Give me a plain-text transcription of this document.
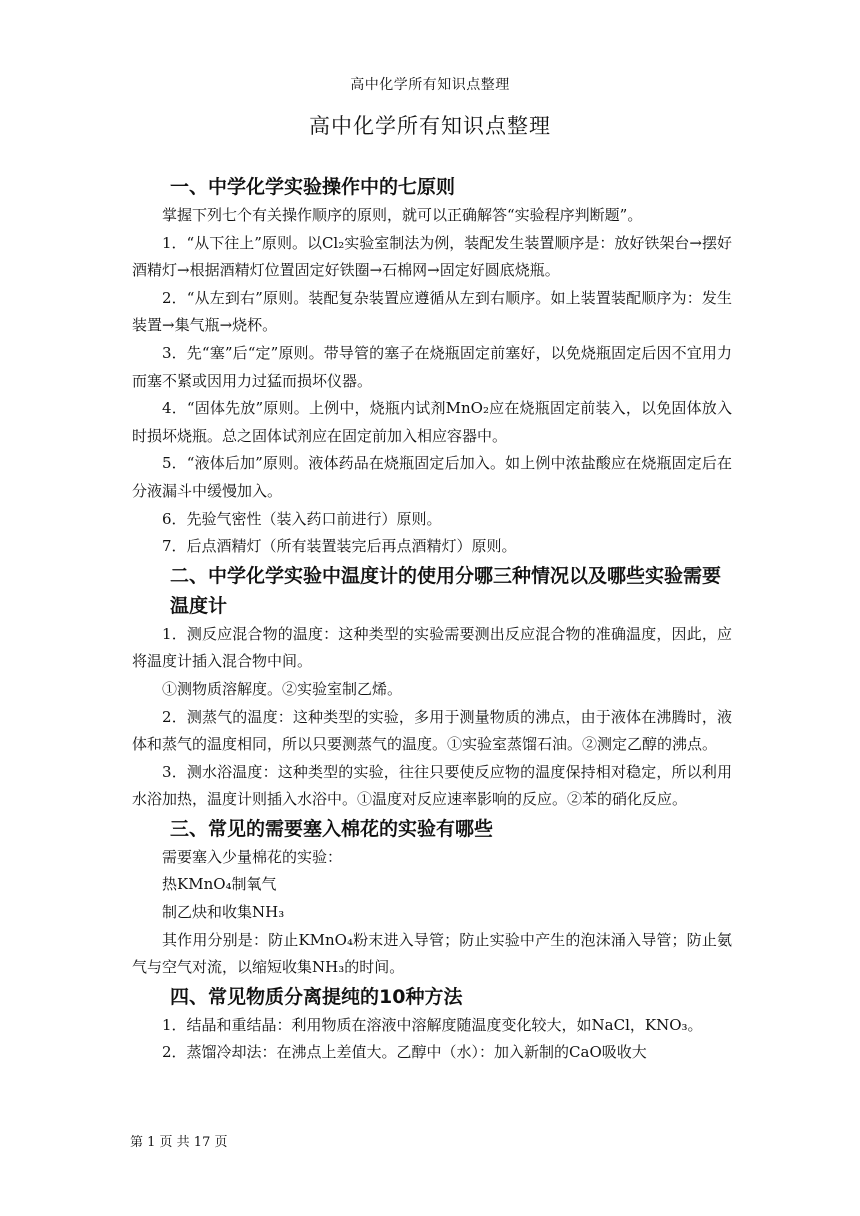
高中化学所有知识点整理
高中化学所有知识点整理

一、中学化学实验操作中的七原则

掌握下列七个有关操作顺序的原则，就可以正确解答“实验程序判断题”。

1．“从下往上”原则。以Cl₂实验室制法为例，装配发生装置顺序是：放好铁架台→摆好酒精灯→根据酒精灯位置固定好铁圈→石棉网→固定好圆底烧瓶。

2．“从左到右”原则。装配复杂装置应遵循从左到右顺序。如上装置装配顺序为：发生装置→集气瓶→烧杯。

3．先“塞”后“定”原则。带导管的塞子在烧瓶固定前塞好，以免烧瓶固定后因不宜用力而塞不紧或因用力过猛而损坏仪器。

4．“固体先放”原则。上例中，烧瓶内试剂MnO₂应在烧瓶固定前装入，以免固体放入时损坏烧瓶。总之固体试剂应在固定前加入相应容器中。

5．“液体后加”原则。液体药品在烧瓶固定后加入。如上例中浓盐酸应在烧瓶固定后在分液漏斗中缓慢加入。

6．先验气密性（装入药口前进行）原则。

7．后点酒精灯（所有装置装完后再点酒精灯）原则。

二、中学化学实验中温度计的使用分哪三种情况以及哪些实验需要温度计

1．测反应混合物的温度：这种类型的实验需要测出反应混合物的准确温度，因此，应将温度计插入混合物中间。

①测物质溶解度。②实验室制乙烯。

2．测蒸气的温度：这种类型的实验，多用于测量物质的沸点，由于液体在沸腾时，液体和蒸气的温度相同，所以只要测蒸气的温度。①实验室蒸馏石油。②测定乙醇的沸点。

3．测水浴温度：这种类型的实验，往往只要使反应物的温度保持相对稳定，所以利用水浴加热，温度计则插入水浴中。①温度对反应速率影响的反应。②苯的硝化反应。

三、常见的需要塞入棉花的实验有哪些

需要塞入少量棉花的实验：

热KMnO₄制氧气

制乙炔和收集NH₃

其作用分别是：防止KMnO₄粉末进入导管；防止实验中产生的泡沫涌入导管；防止氨气与空气对流，以缩短收集NH₃的时间。

四、常见物质分离提纯的10种方法

1．结晶和重结晶：利用物质在溶液中溶解度随温度变化较大，如NaCl，KNO₃。

2．蒸馏冷却法：在沸点上差值大。乙醇中（水）：加入新制的CaO吸收大

第 1 页 共 17 页
